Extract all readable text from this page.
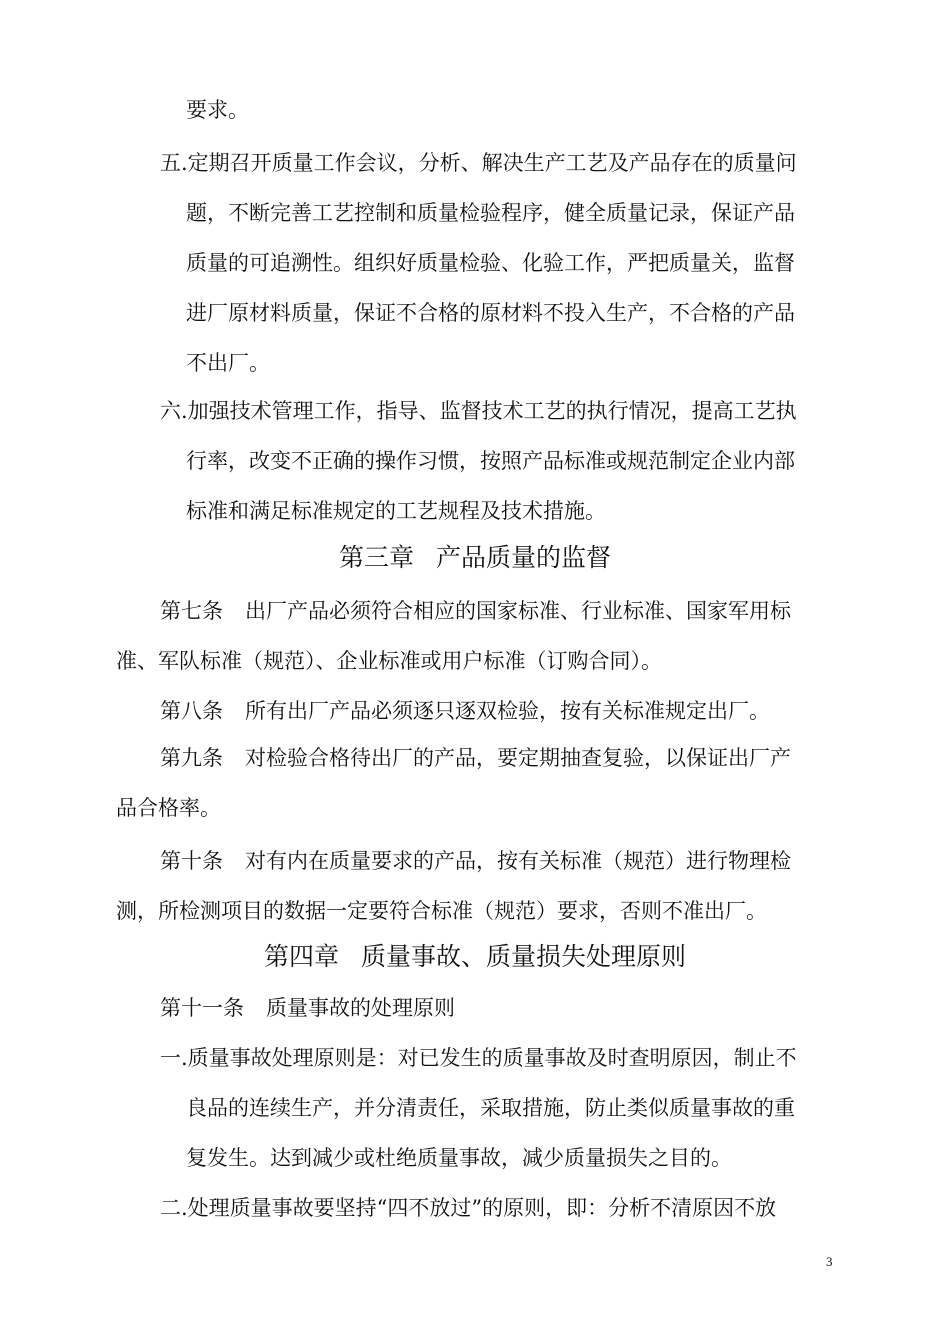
要求。
五.定期召开质量工作会议，分析、解决生产工艺及产品存在的质量问
题，不断完善工艺控制和质量检验程序，健全质量记录，保证产品
质量的可追溯性。组织好质量检验、化验工作，严把质量关，监督
进厂原材料质量，保证不合格的原材料不投入生产，不合格的产品
不出厂。
六.加强技术管理工作，指导、监督技术工艺的执行情况，提高工艺执
行率，改变不正确的操作习惯，按照产品标准或规范制定企业内部
标准和满足标准规定的工艺规程及技术措施。
第三章 产品质量的监督
第七条 出厂产品必须符合相应的国家标准、行业标准、国家军用标
准、军队标准（规范）、企业标准或用户标准（订购合同）。
第八条 所有出厂产品必须逐只逐双检验，按有关标准规定出厂。
第九条 对检验合格待出厂的产品，要定期抽查复验，以保证出厂产
品合格率。
第十条 对有内在质量要求的产品，按有关标准（规范）进行物理检
测，所检测项目的数据一定要符合标准（规范）要求，否则不准出厂。
第四章 质量事故、质量损失处理原则
第十一条 质量事故的处理原则
一.质量事故处理原则是：对已发生的质量事故及时查明原因，制止不
良品的连续生产，并分清责任，采取措施，防止类似质量事故的重
复发生。达到减少或杜绝质量事故，减少质量损失之目的。
二.处理质量事故要坚持“四不放过”的原则，即：分析不清原因不放
3
